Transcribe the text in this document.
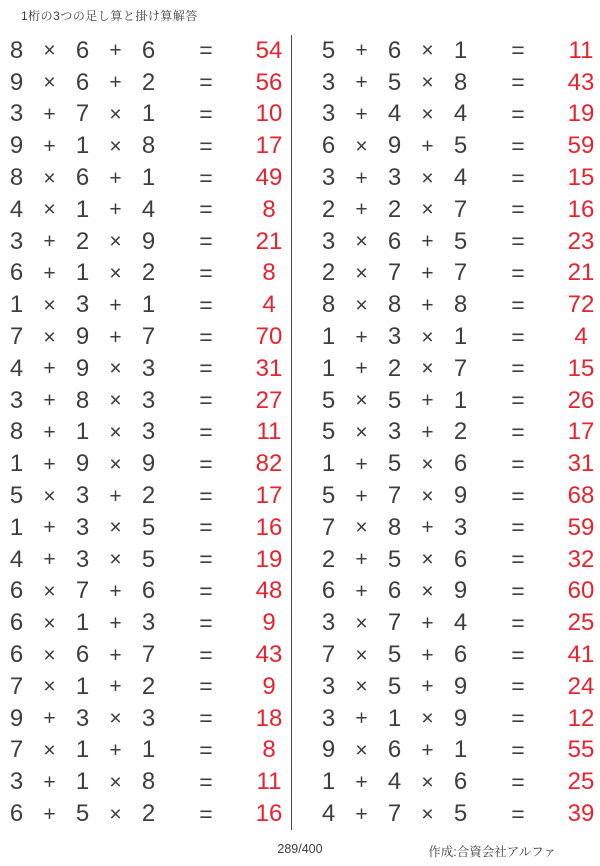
1桁の3つの足し算と掛け算解答
8 × 6 + 6	=	54
9 × 6 + 2	=	56
3 + 7 × 1	=	10
9 + 1 × 8	=	17
8 × 6 + 1	=	49
4 × 1 + 4	=	8
3 + 2 × 9	=	21
6 + 1 × 2	=	8
1 × 3 + 1	=	4
7 × 9 + 7	=	70
4 + 9 × 3	=	31
3 + 8 × 3	=	27
8 + 1 × 3	=	11
1 + 9 × 9	=	82
5 × 3 + 2	=	17
1 + 3 × 5	=	16
4 + 3 × 5	=	19
6 × 7 + 6	=	48
6 × 1 + 3	=	9
6 × 6 + 7	=	43
7 × 1 + 2	=	9
9 + 3 × 3	=	18
7 × 1 + 1	=	8
3 + 1 × 8	=	11
6 + 5 × 2	=	16
5 + 6 × 1	=	11
3 + 5 × 8	=	43
3 + 4 × 4	=	19
6 × 9 + 5	=	59
3 + 3 × 4	=	15
2 + 2 × 7	=	16
3 × 6 + 5	=	23
2 × 7 + 7	=	21
8 × 8 + 8	=	72
1 + 3 × 1	=	4
1 + 2 × 7	=	15
5 × 5 + 1	=	26
5 × 3 + 2	=	17
1 + 5 × 6	=	31
5 + 7 × 9	=	68
7 × 8 + 3	=	59
2 + 5 × 6	=	32
6 + 6 × 9	=	60
3 × 7 + 4	=	25
7 × 5 + 6	=	41
3 × 5 + 9	=	24
3 + 1 × 9	=	12
9 × 6 + 1	=	55
1 + 4 × 6	=	25
4 + 7 × 5	=	39
289/400	作成:合資会社アルファ
